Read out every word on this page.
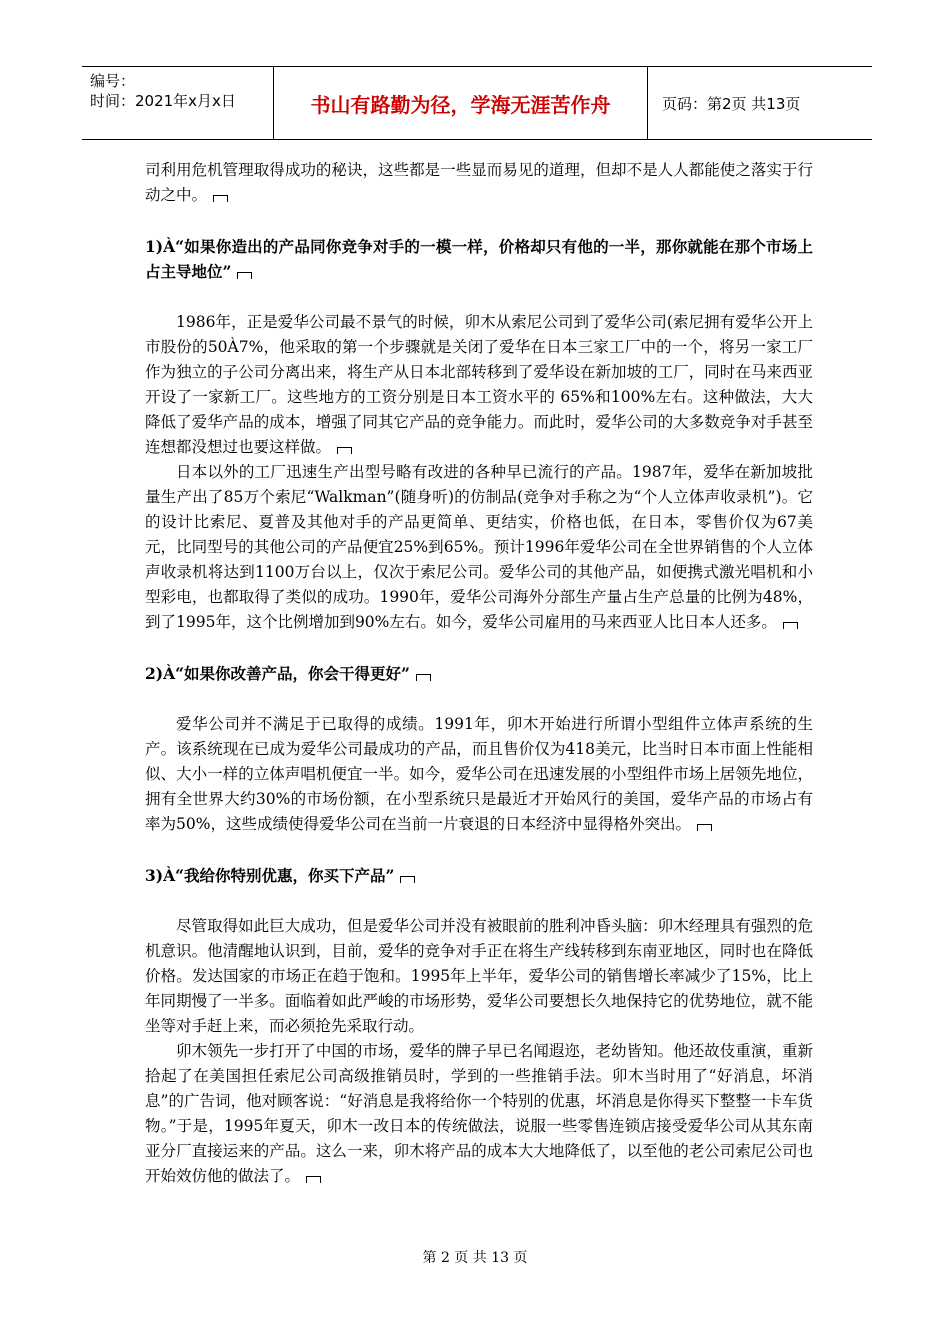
编号：
时间：2021年x月x日	书山有路勤为径，学海无涯苦作舟	页码：第2页 共13页

司利用危机管理取得成功的秘诀，这些都是一些显而易见的道理，但却不是人人都能使之落实于行动之中。

1)À“如果你造出的产品同你竞争对手的一模一样，价格却只有他的一半，那你就能在那个市场上占主导地位”

1986年，正是爱华公司最不景气的时候，卯木从索尼公司到了爱华公司(索尼拥有爱华公开上市股份的50À7%，他采取的第一个步骤就是关闭了爱华在日本三家工厂中的一个，将另一家工厂作为独立的子公司分离出来，将生产从日本北部转移到了爱华设在新加坡的工厂，同时在马来西亚开设了一家新工厂。这些地方的工资分别是日本工资水平的 65%和100%左右。这种做法，大大降低了爱华产品的成本，增强了同其它产品的竞争能力。而此时，爱华公司的大多数竞争对手甚至连想都没想过也要这样做。

日本以外的工厂迅速生产出型号略有改进的各种早已流行的产品。1987年，爱华在新加坡批量生产出了85万个索尼“Walkman”(随身听)的仿制品(竞争对手称之为“个人立体声收录机”)。它的设计比索尼、夏普及其他对手的产品更简单、更结实，价格也低，在日本，零售价仅为67美元，比同型号的其他公司的产品便宜25%到65%。预计1996年爱华公司在全世界销售的个人立体声收录机将达到1100万台以上，仅次于索尼公司。爱华公司的其他产品，如便携式激光唱机和小型彩电，也都取得了类似的成功。1990年，爱华公司海外分部生产量占生产总量的比例为48%，到了1995年，这个比例增加到90%左右。如今，爱华公司雇用的马来西亚人比日本人还多。

2)À“如果你改善产品，你会干得更好”

爱华公司并不满足于已取得的成绩。1991年，卯木开始进行所谓小型组件立体声系统的生产。该系统现在已成为爱华公司最成功的产品，而且售价仅为418美元，比当时日本市面上性能相似、大小一样的立体声唱机便宜一半。如今，爱华公司在迅速发展的小型组件市场上居领先地位，拥有全世界大约30%的市场份额，在小型系统只是最近才开始风行的美国，爱华产品的市场占有率为50%，这些成绩使得爱华公司在当前一片衰退的日本经济中显得格外突出。

3)À“我给你特别优惠，你买下产品”

尽管取得如此巨大成功，但是爱华公司并没有被眼前的胜利冲昏头脑：卯木经理具有强烈的危机意识。他清醒地认识到，目前，爱华的竞争对手正在将生产线转移到东南亚地区，同时也在降低价格。发达国家的市场正在趋于饱和。1995年上半年，爱华公司的销售增长率减少了15%，比上年同期慢了一半多。面临着如此严峻的市场形势，爱华公司要想长久地保持它的优势地位，就不能坐等对手赶上来，而必须抢先采取行动。

卯木领先一步打开了中国的市场，爱华的牌子早已名闻遐迩，老幼皆知。他还故伎重演，重新拾起了在美国担任索尼公司高级推销员时，学到的一些推销手法。卯木当时用了“好消息，坏消息”的广告词，他对顾客说：“好消息是我将给你一个特别的优惠，坏消息是你得买下整整一卡车货物。”于是，1995年夏天，卯木一改日本的传统做法，说服一些零售连锁店接受爱华公司从其东南亚分厂直接运来的产品。这么一来，卯木将产品的成本大大地降低了，以至他的老公司索尼公司也开始效仿他的做法了。

第 2 页 共 13 页
